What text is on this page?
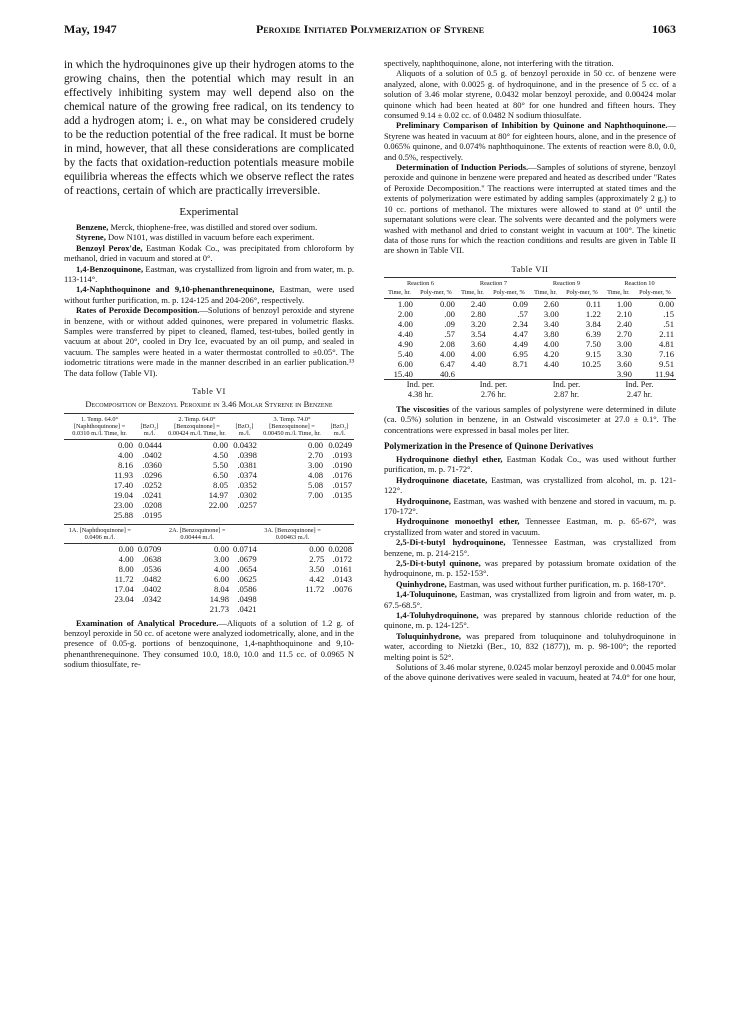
May, 1947	Peroxide Initiated Polymerization of Styrene	1063

in which the hydroquinones give up their hydrogen atoms to the growing chains, then the potential which may result in an effectively inhibiting system may well depend also on the chemical nature of the growing free radical, on its tendency to add a hydrogen atom; i. e., on what may be considered crudely to be the reduction potential of the free radical. It must be borne in mind, however, that all these considerations are complicated by the facts that oxidation-reduction potentials measure mobile equilibria whereas the effects which we observe reflect the rates of reactions, certain of which are practically irreversible.

Experimental

Benzene, Merck, thiophene-free, was distilled and stored over sodium.

Styrene, Dow N101, was distilled in vacuum before each experiment.

Benzoyl Perox'de, Eastman Kodak Co., was precipitated from chloroform by methanol, dried in vacuum and stored at 0°.

1,4-Benzoquinone, Eastman, was crystallized from ligroin and from water, m. p. 113-114°.

1,4-Naphthoquinone and 9,10-phenanthrenequinone, Eastman, were used without further purification, m. p. 124-125 and 204-206°, respectively.

Rates of Peroxide Decomposition.—Solutions of benzoyl peroxide and styrene in benzene, with or without added quinones, were prepared in volumetric flasks. Samples were transferred by pipet to cleaned, flamed, test-tubes, boiled gently in vacuum at about 20°, cooled in Dry Ice, evacuated by an oil pump, and sealed in vacuum. The samples were heated in a water thermostat controlled to ±0.05°. The iodometric titrations were made in the manner described in an earlier publication.¹³ The data follow (Table VI).

Table VI
Decomposition of Benzoyl Peroxide in 3.46 Molar Styrene in Benzene
1. Temp. 64.0° [Naphthoquinone] = 0.0310 m./l. Time, hr.	[BzO₂] m./l.	2. Temp. 64.0° [Benzoquinone] = 0.00424 m./l. Time, hr.	[BzO₂] m./l.	3. Temp. 74.0° [Benzoquinone] = 0.00450 m./l. Time, hr.	[BzO₂] m./l.
0.00	0.0444	0.00	0.0432	0.00	0.0249
4.00	.0402	4.50	.0398	2.70	.0193
8.16	.0360	5.50	.0381	3.00	.0190
11.93	.0296	6.50	.0374	4.08	.0176
17.40	.0252	8.05	.0352	5.08	.0157
19.04	.0241	14.97	.0302	7.00	.0135
23.00	.0208	22.00	.0257		
25.88	.0195				
1A. [Naphthoquinone] = 0.0496 m./l.		2A. [Benzoquinone] = 0.00444 m./l.		3A. [Benzoquinone] = 0.00463 m./l.	
0.00	0.0709	0.00	0.0714	0.00	0.0208
4.00	.0638	3.00	.0679	2.75	.0172
8.00	.0536	4.00	.0654	3.50	.0161
11.72	.0482	6.00	.0625	4.42	.0143
17.04	.0402	8.04	.0586	11.72	.0076
23.04	.0342	14.98	.0498		
		21.73	.0421		

Examination of Analytical Procedure.—Aliquots of a solution of 1.2 g. of benzoyl peroxide in 50 cc. of acetone were analyzed iodometrically, alone, and in the presence of 0.05-g. portions of benzoquinone, 1,4-naphthoquinone and 9,10-phenanthrenequinone. They consumed 10.0, 18.0, 10.0 and 11.5 cc. of 0.0965 N sodium thiosulfate, re-

spectively, naphthoquinone, alone, not interfering with the titration.

Aliquots of a solution of 0.5 g. of benzoyl peroxide in 50 cc. of benzene were analyzed, alone, with 0.0025 g. of hydroquinone, and in the presence of 5 cc. of a solution of 3.46 molar styrene, 0.0432 molar benzoyl peroxide, and 0.00424 molar quinone which had been heated at 80° for one hundred and fifteen hours. They consumed 9.14 ± 0.02 cc. of 0.0482 N sodium thiosulfate.

Preliminary Comparison of Inhibition by Quinone and Naphthoquinone.—Styrene was heated in vacuum at 80° for eighteen hours, alone, and in the presence of 0.065% quinone, and 0.074% naphthoquinone. The extents of reaction were 8.0, 0.0, and 0.5%, respectively.

Determination of Induction Periods.—Samples of solutions of styrene, benzoyl peroxide and quinone in benzene were prepared and heated as described under "Rates of Peroxide Decomposition." The reactions were interrupted at stated times and the extents of polymerization were estimated by adding samples (approximately 2 g.) to 10 cc. portions of methanol. The mixtures were allowed to stand at 0° until the supernatant solutions were clear. The solvents were decanted and the polymers were washed with methanol and dried to constant weight in vacuum at 100°. The kinetic data of those runs for which the reaction conditions and results are given in Table II are shown in Table VII.

Table VII
Reaction 6		Reaction 7		Reaction 9		Reaction 10	
Time, hr.	Poly-mer, %	Time, hr.	Poly-mer, %	Time, hr.	Poly-mer, %	Time, hr.	Poly-mer, %
1.00	0.00	2.40	0.09	2.60	0.11	1.00	0.00
2.00	.00	2.80	.57	3.00	1.22	2.10	.15
4.00	.09	3.20	2.34	3.40	3.84	2.40	.51
4.40	.57	3.54	4.47	3.80	6.39	2.70	2.11
4.90	2.08	3.60	4.49	4.00	7.50	3.00	4.81
5.40	4.00	4.00	6.95	4.20	9.15	3.30	7.16
6.00	6.47	4.40	8.71	4.40	10.25	3.60	9.51
15.40	40.6					3.90	11.94
Ind. per.		Ind. per.		Ind. per.		Ind. Per.	
4.38 hr.		2.76 hr.		2.87 hr.		2.47 hr.	

The viscosities of the various samples of polystyrene were determined in dilute (ca. 0.5%) solution in benzene, in an Ostwald viscosimeter at 27.0 ± 0.1°. The concentrations were expressed in basal moles per liter.

Polymerization in the Presence of Quinone Derivatives

Hydroquinone diethyl ether, Eastman Kodak Co., was used without further purification, m. p. 71-72°.

Hydroquinone diacetate, Eastman, was crystallized from alcohol, m. p. 121-122°.

Hydroquinone, Eastman, was washed with benzene and stored in vacuum, m. p. 170-172°.

Hydroquinone monoethyl ether, Tennessee Eastman, m. p. 65-67°, was crystallized from water and stored in vacuum.

2,5-Di-t-butyl hydroquinone, Tennessee Eastman, was crystallized from benzene, m. p. 214-215°.

2,5-Di-t-butyl quinone, was prepared by potassium bromate oxidation of the hydroquinone, m. p. 152-153°.

Quinhydrone, Eastman, was used without further purification, m. p. 168-170°.

1,4-Toluquinone, Eastman, was crystallized from ligroin and from water, m. p. 67.5-68.5°.

1,4-Toluhydroquinone, was prepared by stannous chloride reduction of the quinone, m. p. 124-125°.

Toluquinhydrone, was prepared from toluquinone and toluhydroquinone in water, according to Nietzki (Ber., 10, 832 (1877)), m. p. 98-100°; the reported melting point is 52°.

Solutions of 3.46 molar styrene, 0.0245 molar benzoyl peroxide and 0.0045 molar of the above quinone derivatives were sealed in vacuum, heated at 74.0° for one hour,
